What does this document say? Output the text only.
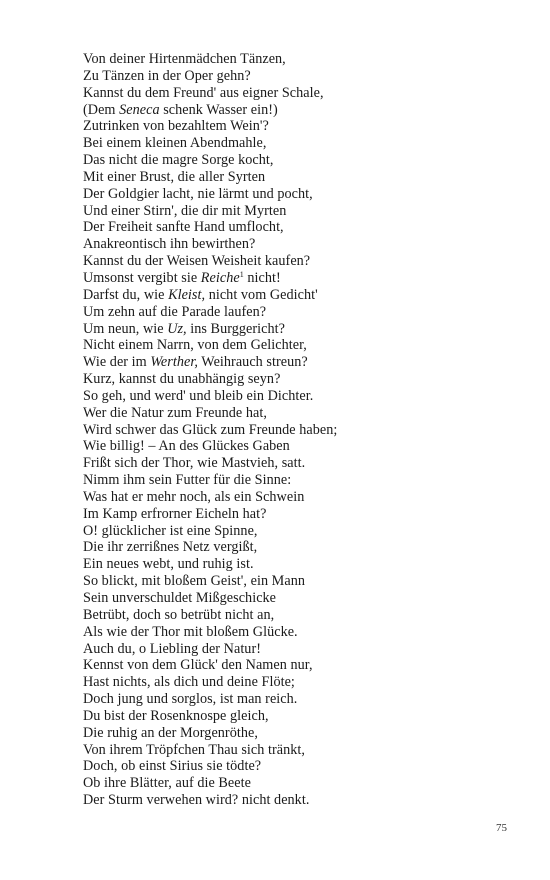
Von deiner Hirtenmädchen Tänzen,
Zu Tänzen in der Oper gehn?
Kannst du dem Freund' aus eigner Schale,
(Dem Seneca schenk Wasser ein!)
Zutrinken von bezahltem Wein'?
Bei einem kleinen Abendmahle,
Das nicht die magre Sorge kocht,
Mit einer Brust, die aller Syrten
Der Goldgier lacht, nie lärmt und pocht,
Und einer Stirn', die dir mit Myrten
Der Freiheit sanfte Hand umflocht,
Anakreontisch ihn bewirthen?
Kannst du der Weisen Weisheit kaufen?
Umsonst vergibt sie Reiche$^1$ nicht!
Darfst du, wie Kleist, nicht vom Gedicht'
Um zehn auf die Parade laufen?
Um neun, wie Uz, ins Burggericht?
Nicht einem Narrn, von dem Gelichter,
Wie der im Werther, Weihrauch streun?
Kurz, kannst du unabhängig seyn?
So geh, und werd' und bleib ein Dichter.
Wer die Natur zum Freunde hat,
Wird schwer das Glück zum Freunde haben;
Wie billig! – An des Glückes Gaben
Frißt sich der Thor, wie Mastvieh, satt.
Nimm ihm sein Futter für die Sinne:
Was hat er mehr noch, als ein Schwein
Im Kamp erfrorner Eicheln hat?
O! glücklicher ist eine Spinne,
Die ihr zerrißnes Netz vergißt,
Ein neues webt, und ruhig ist.
So blickt, mit bloßem Geist', ein Mann
Sein unverschuldet Mißgeschicke
Betrübt, doch so betrübt nicht an,
Als wie der Thor mit bloßem Glücke.
Auch du, o Liebling der Natur!
Kennst von dem Glück' den Namen nur,
Hast nichts, als dich und deine Flöte;
Doch jung und sorglos, ist man reich.
Du bist der Rosenknospe gleich,
Die ruhig an der Morgenröthe,
Von ihrem Tröpfchen Thau sich tränkt,
Doch, ob einst Sirius sie tödte?
Ob ihre Blätter, auf die Beete
Der Sturm verwehen wird? nicht denkt.
75
